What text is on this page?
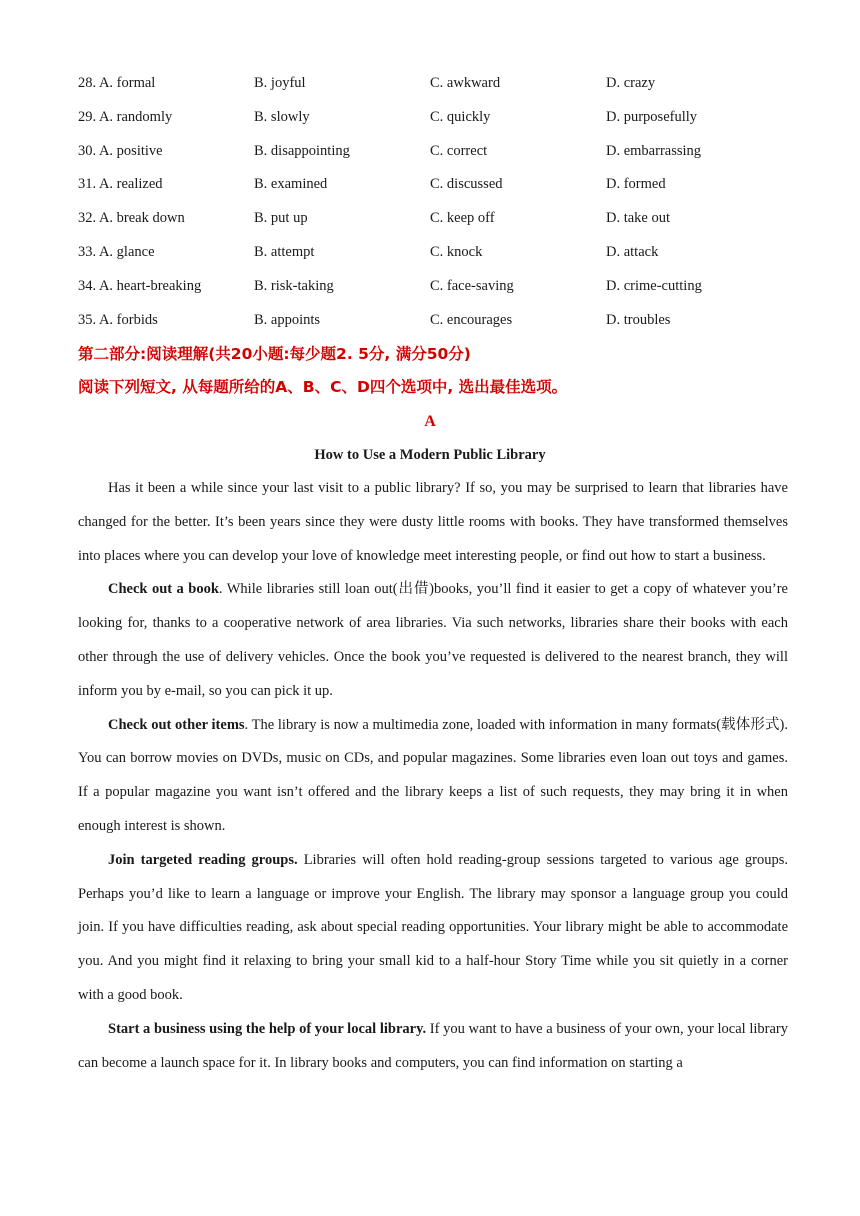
28. A. formal	B. joyful	C. awkward	D. crazy
29. A. randomly	B. slowly	C. quickly	D. purposefully
30. A. positive	B. disappointing	C. correct	D. embarrassing
31. A. realized	B. examined	C. discussed	D. formed
32. A. break down	B. put up	C. keep off	D. take out
33. A. glance	B. attempt	C. knock	D. attack
34. A. heart-breaking	B. risk-taking	C. face-saving	D. crime-cutting
35. A. forbids	B. appoints	C. encourages	D. troubles
第二部分:阅读理解(共20小题:每少题2. 5分, 满分50分)
阅读下列短文, 从每题所给的A、B、C、D四个选项中, 选出最佳选项。
A
How to Use a Modern Public Library

Has it been a while since your last visit to a public library? If so, you may be surprised to learn that libraries have changed for the better. It’s been years since they were dusty little rooms with books. They have transformed themselves into places where you can develop your love of knowledge meet interesting people, or find out how to start a business.

Check out a book. While libraries still loan out(出借)books, you’ll find it easier to get a copy of whatever you’re looking for, thanks to a cooperative network of area libraries. Via such networks, libraries share their books with each other through the use of delivery vehicles. Once the book you’ve requested is delivered to the nearest branch, they will inform you by e-mail, so you can pick it up.

Check out other items. The library is now a multimedia zone, loaded with information in many formats(载体形式). You can borrow movies on DVDs, music on CDs, and popular magazines. Some libraries even loan out toys and games. If a popular magazine you want isn’t offered and the library keeps a list of such requests, they may bring it in when enough interest is shown.

Join targeted reading groups. Libraries will often hold reading-group sessions targeted to various age groups. Perhaps you’d like to learn a language or improve your English. The library may sponsor a language group you could join. If you have difficulties reading, ask about special reading opportunities. Your library might be able to accommodate you. And you might find it relaxing to bring your small kid to a half-hour Story Time while you sit quietly in a corner with a good book.

Start a business using the help of your local library. If you want to have a business of your own, your local library can become a launch space for it. In library books and computers, you can find information on starting a
